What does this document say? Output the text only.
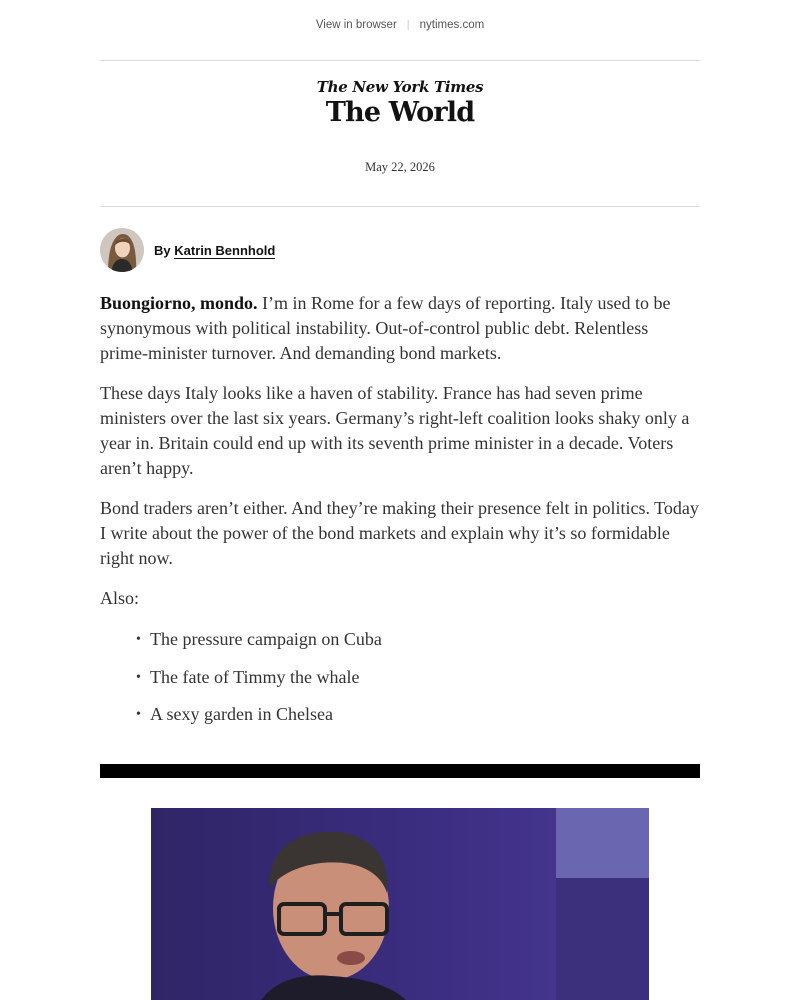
View in browser | nytimes.com
The New York Times
The World
May 22, 2026
By Katrin Bennhold

Buongiorno, mondo. I’m in Rome for a few days of reporting. Italy used to be synonymous with political instability. Out-of-control public debt. Relentless prime-minister turnover. And demanding bond markets.

These days Italy looks like a haven of stability. France has had seven prime ministers over the last six years. Germany’s right-left coalition looks shaky only a year in. Britain could end up with its seventh prime minister in a decade. Voters aren’t happy.

Bond traders aren’t either. And they’re making their presence felt in politics. Today I write about the power of the bond markets and explain why it’s so formidable right now.

Also:

• The pressure campaign on Cuba
• The fate of Timmy the whale
• A sexy garden in Chelsea
